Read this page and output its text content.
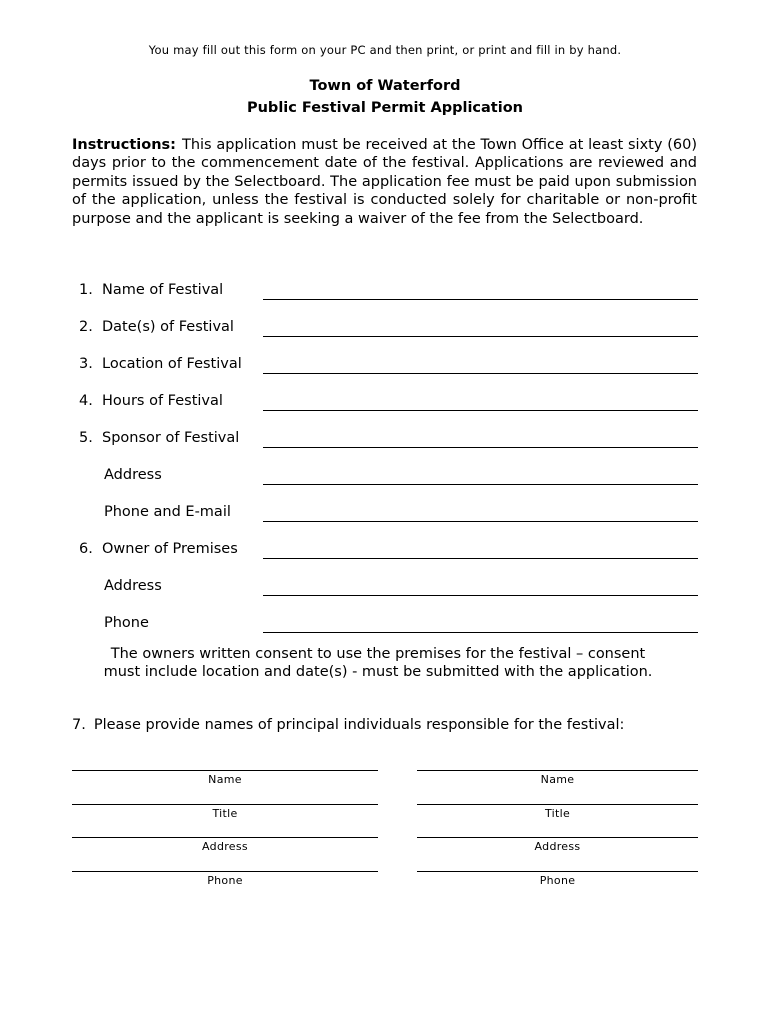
You may fill out this form on your PC and then print, or print and fill in by hand.
Town of Waterford
Public Festival Permit Application
Instructions: This application must be received at the Town Office at least sixty (60) days prior to the commencement date of the festival. Applications are reviewed and permits issued by the Selectboard. The application fee must be paid upon submission of the application, unless the festival is conducted solely for charitable or non-profit purpose and the applicant is seeking a waiver of the fee from the Selectboard.
1. Name of Festival
2. Date(s) of Festival
3. Location of Festival
4. Hours of Festival
5. Sponsor of Festival
Address
Phone and E-mail
6. Owner of Premises
Address
Phone
The owners written consent to use the premises for the festival – consent must include location and date(s) - must be submitted with the application.
7. Please provide names of principal individuals responsible for the festival:
Name
Title
Address
Phone
Name
Title
Address
Phone
